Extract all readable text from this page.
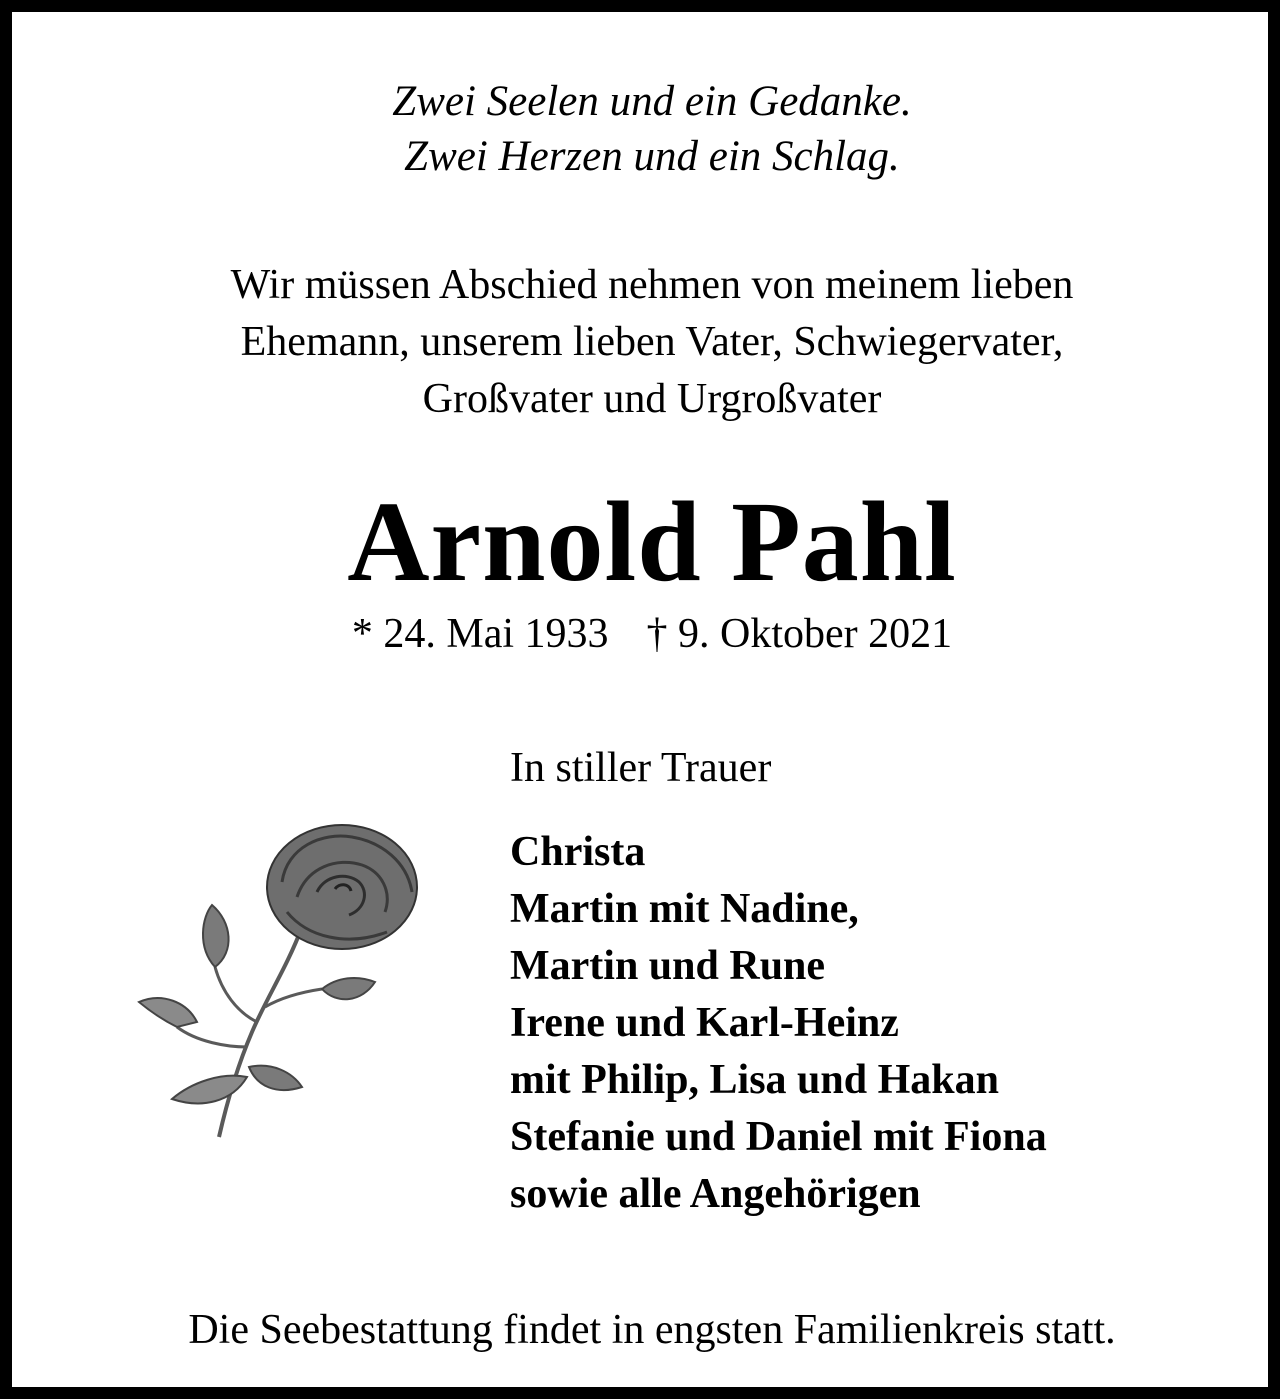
Zwei Seelen und ein Gedanke.
Zwei Herzen und ein Schlag.
Wir müssen Abschied nehmen von meinem lieben
Ehemann, unserem lieben Vater, Schwiegervater,
Großvater und Urgroßvater
Arnold Pahl
* 24. Mai 1933 † 9. Oktober 2021
In stiller Trauer
Christa
Martin mit Nadine,
Martin und Rune
Irene und Karl-Heinz
mit Philip, Lisa und Hakan
Stefanie und Daniel mit Fiona
sowie alle Angehörigen
Die Seebestattung findet in engsten Familienkreis statt.
